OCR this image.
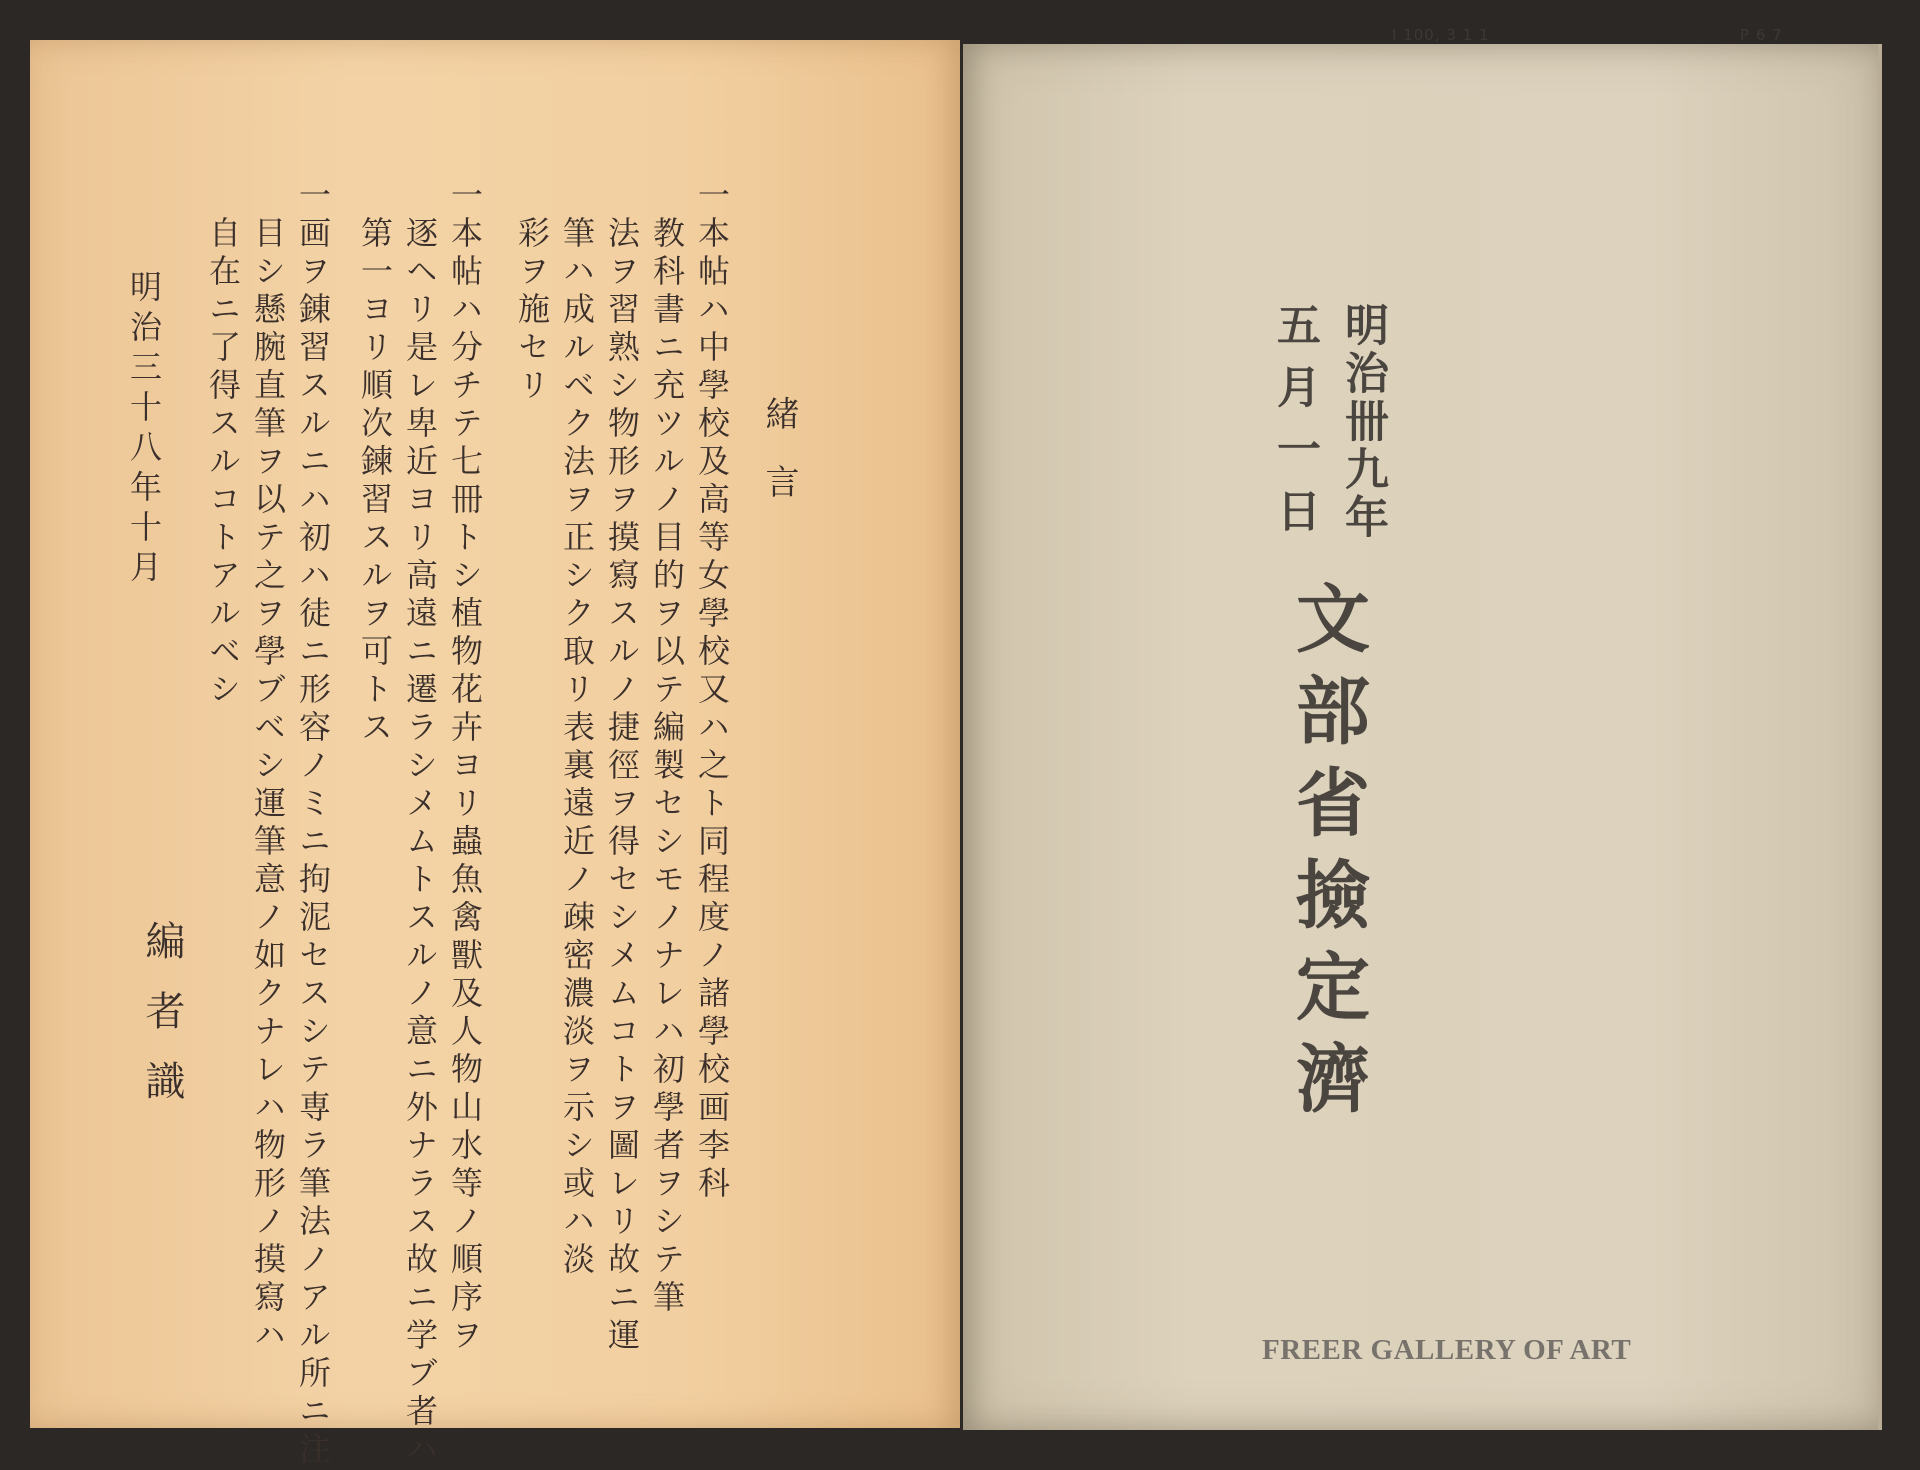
緒言
一本帖ハ中學校及高等女學校又ハ之ト同程度ノ諸學校画李科
教科書ニ充ツルノ目的ヲ以テ編製セシモノナレハ初學者ヲシテ筆
法ヲ習熟シ物形ヲ摸寫スルノ捷徑ヲ得セシメムコトヲ圖レリ故ニ運
筆ハ成ルベク法ヲ正シク取リ表裏遠近ノ疎密濃淡ヲ示シ或ハ淡
彩ヲ施セリ
一本帖ハ分チテ七冊トシ植物花卉ヨリ蟲魚禽獸及人物山水等ノ順序ヲ
逐ヘリ是レ卑近ヨリ高遠ニ遷ラシメムトスルノ意ニ外ナラス故ニ学ブ者ハ
第一ヨリ順次鍊習スルヲ可トス
一画ヲ錬習スルニハ初ハ徒ニ形容ノミニ拘泥セスシテ専ラ筆法ノアル所ニ注
目シ懸腕直筆ヲ以テ之ヲ學ブベシ運筆意ノ如クナレハ物形ノ摸寫ハ
自在ニ了得スルコトアルベシ
明治三十八年十月
編者識
I 100, 3 1 1	P 6 7
明治卌九年
五月一日
文部省撿定濟
FREER GALLERY OF ART
